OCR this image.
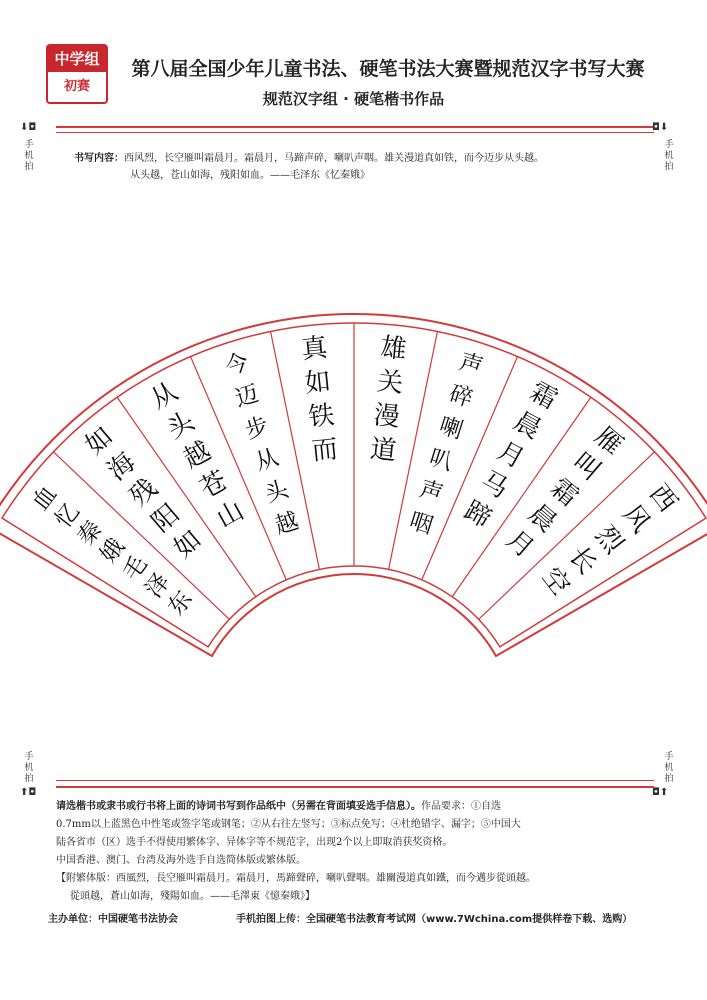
中学组
初赛
第八届全国少年儿童书法、硬笔书法大赛暨规范汉字书写大赛
规范汉字组 · 硬笔楷书作品
⬇◘
手机拍
◘⬇
手机拍
书写内容：西风烈，长空雁叫霜晨月。霜晨月，马蹄声碎，喇叭声咽。雄关漫道真如铁，而今迈步从头越。
从头越，苍山如海，残阳如血。——毛泽东《忆秦娥》
西
风
烈
长
空
雁
叫
霜
晨
月
霜
晨
月
马
蹄
声
碎
喇
叭
声
咽
雄
关
漫
道
真
如
铁
而
今
迈
步
从
头
越
从
头
越
苍
山
如
海
残
阳
如
血
忆
秦
娥
毛
泽
东
手机拍
⬆◘
手机拍
◘⬆
请选楷书或隶书或行书将上面的诗词书写到作品纸中（另需在背面填妥选手信息）。作品要求：①自选
0.7mm以上蓝黑色中性笔或签字笔或钢笔；②从右往左竖写；③标点免写；④杜绝错字、漏字；⑤中国大
陆各省市（区）选手不得使用繁体字、异体字等不规范字，出现2个以上即取消获奖资格。
中国香港、澳门、台湾及海外选手自选简体版或繁体版。
【附繁体版：西風烈，長空雁叫霜晨月。霜晨月，馬蹄聲碎，喇叭聲咽。雄關漫道真如鐵，而今邁步從頭越。
從頭越，蒼山如海，殘陽如血。——毛澤東《憶秦娥》】
主办单位：中国硬笔书法协会	手机拍图上传：全国硬笔书法教育考试网（www.7Wchina.com提供样卷下载、选购）
